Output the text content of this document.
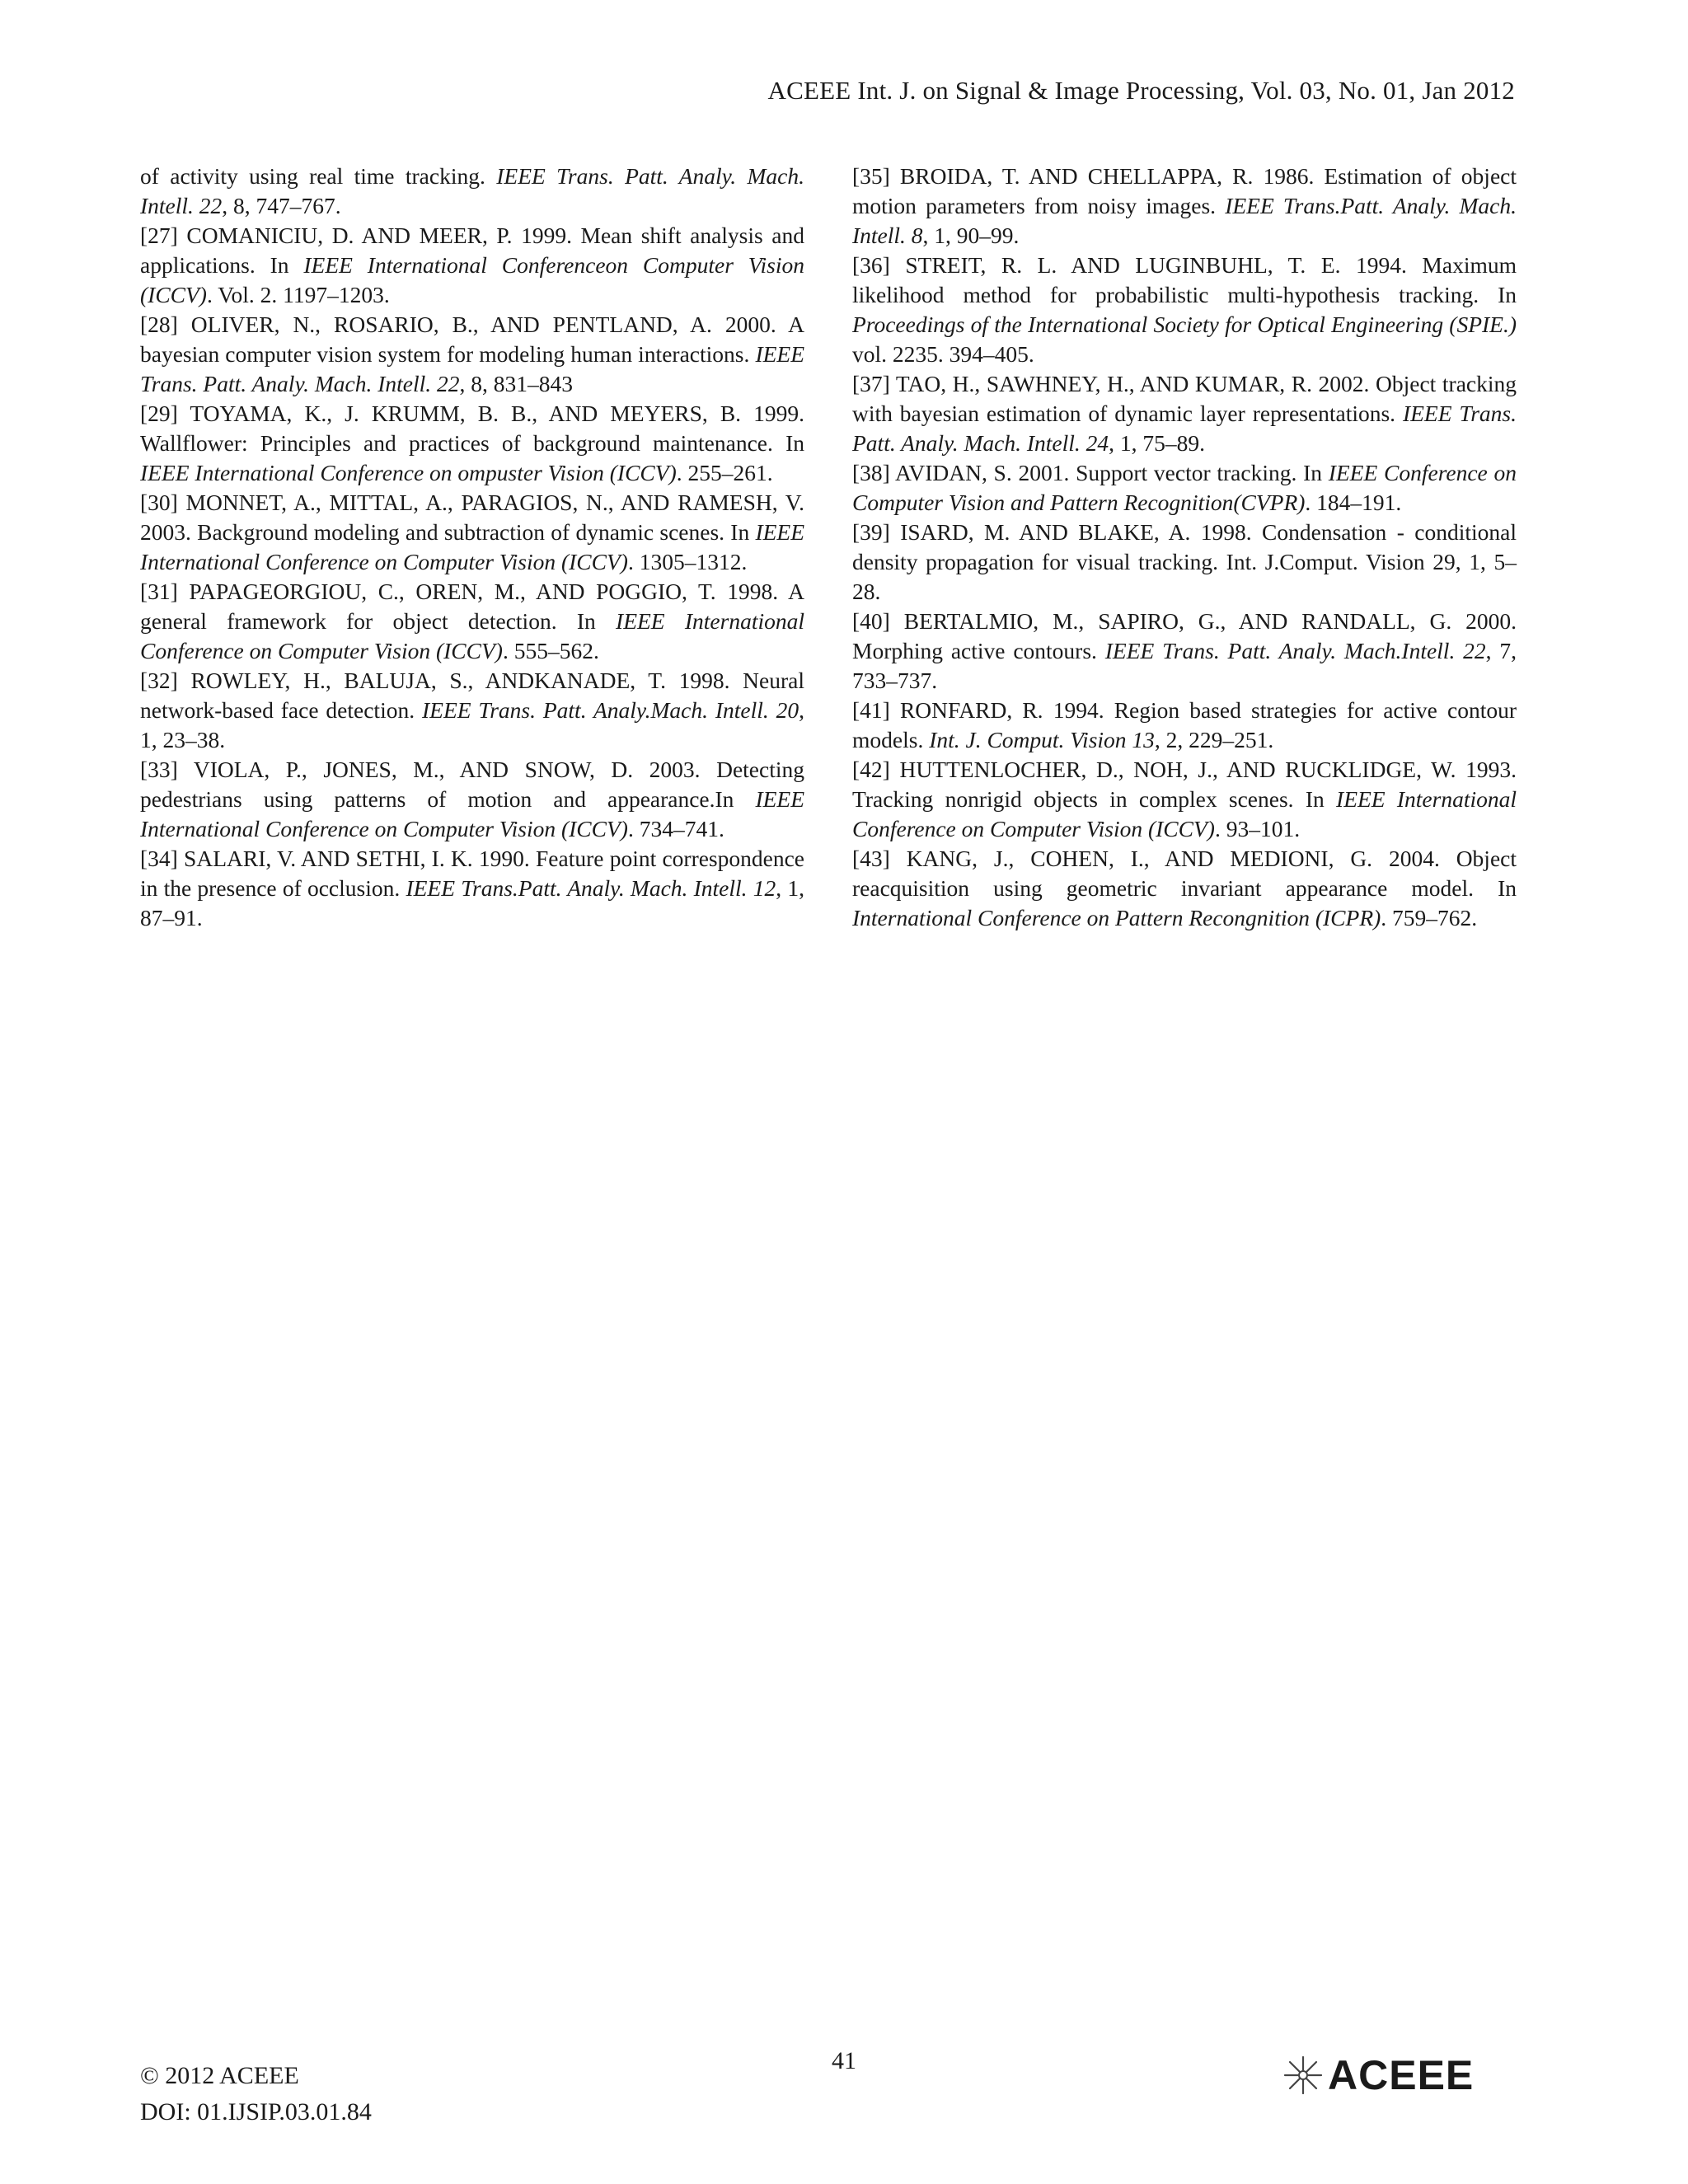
ACEEE Int. J. on Signal & Image Processing, Vol. 03, No. 01, Jan 2012

of activity using real time tracking. IEEE Trans. Patt. Analy. Mach. Intell. 22, 8, 747–767.

[27] COMANICIU, D. AND MEER, P. 1999. Mean shift analysis and applications. In IEEE International Conferenceon Computer Vision (ICCV). Vol. 2. 1197–1203.

[28] OLIVER, N., ROSARIO, B., AND PENTLAND, A. 2000. A bayesian computer vision system for modeling human interactions. IEEE Trans. Patt. Analy. Mach. Intell. 22, 8, 831–843

[29] TOYAMA, K., J. KRUMM, B. B., AND MEYERS, B. 1999. Wallflower: Principles and practices of background maintenance. In IEEE International Conference on ompuster Vision (ICCV). 255–261.

[30] MONNET, A., MITTAL, A., PARAGIOS, N., AND RAMESH, V. 2003. Background modeling and subtraction of dynamic scenes. In IEEE International Conference on Computer Vision (ICCV). 1305–1312.

[31] PAPAGEORGIOU, C., OREN, M., AND POGGIO, T. 1998. A general framework for object detection. In IEEE International Conference on Computer Vision (ICCV). 555–562.

[32] ROWLEY, H., BALUJA, S., ANDKANADE, T. 1998. Neural network-based face detection. IEEE Trans. Patt. Analy.Mach. Intell. 20, 1, 23–38.

[33] VIOLA, P., JONES, M., AND SNOW, D. 2003. Detecting pedestrians using patterns of motion and appearance.In IEEE International Conference on Computer Vision (ICCV). 734–741.

[34] SALARI, V. AND SETHI, I. K. 1990. Feature point correspondence in the presence of occlusion. IEEE Trans.Patt. Analy. Mach. Intell. 12, 1, 87–91.

[35] BROIDA, T. AND CHELLAPPA, R. 1986. Estimation of object motion parameters from noisy images. IEEE Trans.Patt. Analy. Mach. Intell. 8, 1, 90–99.

[36] STREIT, R. L. AND LUGINBUHL, T. E. 1994. Maximum likelihood method for probabilistic multi-hypothesis tracking. In Proceedings of the International Society for Optical Engineering (SPIE.) vol. 2235. 394–405.

[37] TAO, H., SAWHNEY, H., AND KUMAR, R. 2002. Object tracking with bayesian estimation of dynamic layer representations. IEEE Trans. Patt. Analy. Mach. Intell. 24, 1, 75–89.

[38] AVIDAN, S. 2001. Support vector tracking. In IEEE Conference on Computer Vision and Pattern Recognition(CVPR). 184–191.

[39] ISARD, M. AND BLAKE, A. 1998. Condensation - conditional density propagation for visual tracking. Int. J.Comput. Vision 29, 1, 5–28.

[40] BERTALMIO, M., SAPIRO, G., AND RANDALL, G. 2000. Morphing active contours. IEEE Trans. Patt. Analy. Mach.Intell. 22, 7, 733–737.

[41] RONFARD, R. 1994. Region based strategies for active contour models. Int. J. Comput. Vision 13, 2, 229–251.

[42] HUTTENLOCHER, D., NOH, J., AND RUCKLIDGE, W. 1993. Tracking nonrigid objects in complex scenes. In IEEE International Conference on Computer Vision (ICCV). 93–101.

[43] KANG, J., COHEN, I., AND MEDIONI, G. 2004. Object reacquisition using geometric invariant appearance model. In International Conference on Pattern Recongnition (ICPR). 759–762.

41
© 2012 ACEEE
DOI: 01.IJSIP.03.01.84
ACEEE
